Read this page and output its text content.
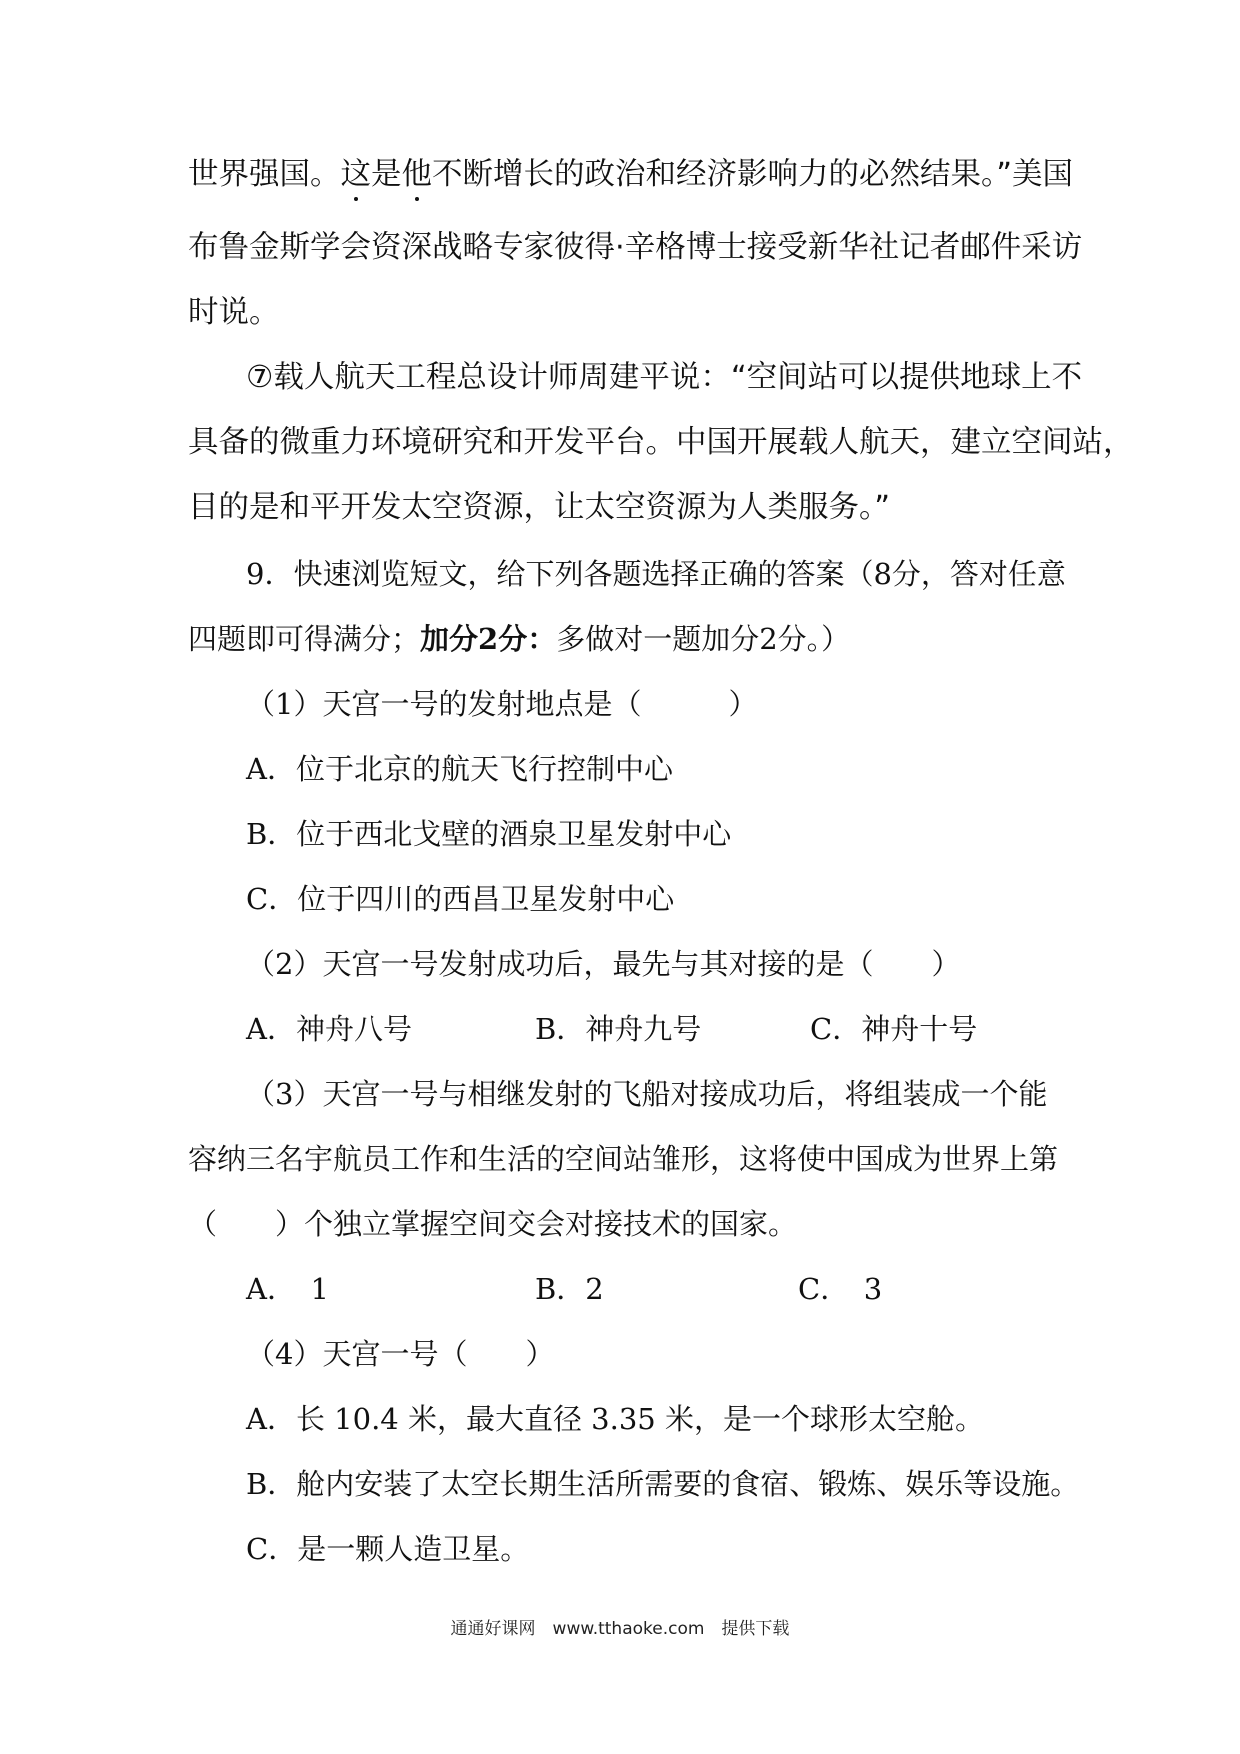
世界强国。这是他不断增长的政治和经济影响力的必然结果。”美国
布鲁金斯学会资深战略专家彼得·辛格博士接受新华社记者邮件采访
时说。
⑦载人航天工程总设计师周建平说：“空间站可以提供地球上不
具备的微重力环境研究和开发平台。中国开展载人航天，建立空间站，
目的是和平开发太空资源，让太空资源为人类服务。”
9．快速浏览短文，给下列各题选择正确的答案（8分，答对任意
四题即可得满分；加分2分：多做对一题加分2分。）
（1）天宫一号的发射地点是（　　　）
A．位于北京的航天飞行控制中心
B．位于西北戈壁的酒泉卫星发射中心
C．位于四川的西昌卫星发射中心
（2）天宫一号发射成功后，最先与其对接的是（　　）
A．神舟八号	B．神舟九号	C．神舟十号
（3）天宫一号与相继发射的飞船对接成功后，将组装成一个能
容纳三名宇航员工作和生活的空间站雏形，这将使中国成为世界上第
（　　）个独立掌握空间交会对接技术的国家。
A．　1	B．2	C．　3
（4）天宫一号（　　）
A．长 10.4 米，最大直径 3.35 米，是一个球形太空舱。
B．舱内安装了太空长期生活所需要的食宿、锻炼、娱乐等设施。
C．是一颗人造卫星。
通通好课网　www.tthaoke.com　提供下载
